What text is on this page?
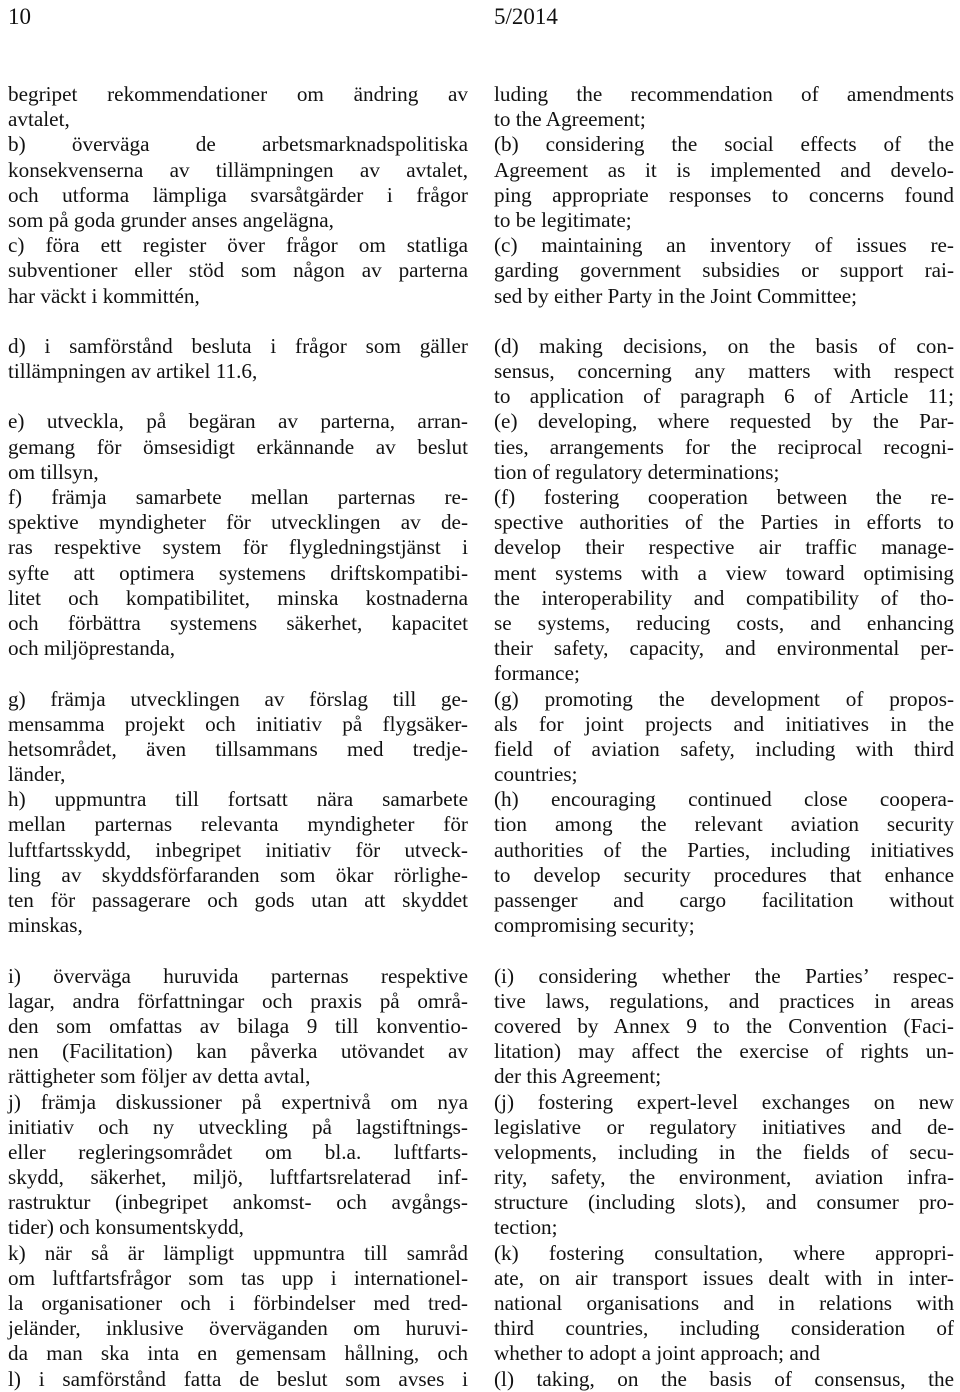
10	5/2014
begripet rekommendationer om ändring av
avtalet,
b) överväga de arbetsmarknadspolitiska
konsekvenserna av tillämpningen av avtalet,
och utforma lämpliga svarsåtgärder i frågor
som på goda grunder anses angelägna,
c) föra ett register över frågor om statliga
subventioner eller stöd som någon av parterna
har väckt i kommittén,
d) i samförstånd besluta i frågor som gäller
tillämpningen av artikel 11.6,
e) utveckla, på begäran av parterna, arran-
gemang för ömsesidigt erkännande av beslut
om tillsyn,
f) främja samarbete mellan parternas re-
spektive myndigheter för utvecklingen av de-
ras respektive system för flygledningstjänst i
syfte att optimera systemens driftskompatibi-
litet och kompatibilitet, minska kostnaderna
och förbättra systemens säkerhet, kapacitet
och miljöprestanda,
g) främja utvecklingen av förslag till ge-
mensamma projekt och initiativ på flygsäker-
hetsområdet, även tillsammans med tredje-
länder,
h) uppmuntra till fortsatt nära samarbete
mellan parternas relevanta myndigheter för
luftfartsskydd, inbegripet initiativ för utveck-
ling av skyddsförfaranden som ökar rörlighe-
ten för passagerare och gods utan att skyddet
minskas,
i) överväga huruvida parternas respektive
lagar, andra författningar och praxis på områ-
den som omfattas av bilaga 9 till konventio-
nen (Facilitation) kan påverka utövandet av
rättigheter som följer av detta avtal,
j) främja diskussioner på expertnivå om nya
initiativ och ny utveckling på lagstiftnings-
eller regleringsområdet om bl.a. luftfarts-
skydd, säkerhet, miljö, luftfartsrelaterad inf-
rastruktur (inbegripet ankomst- och avgångs-
tider) och konsumentskydd,
k) när så är lämpligt uppmuntra till samråd
om luftfartsfrågor som tas upp i internationel-
la organisationer och i förbindelser med tred-
jeländer, inklusive överväganden om huruvi-
da man ska inta en gemensam hållning, och
l) i samförstånd fatta de beslut som avses i
luding the recommendation of amendments
to the Agreement;
(b) considering the social effects of the
Agreement as it is implemented and develo-
ping appropriate responses to concerns found
to be legitimate;
(c) maintaining an inventory of issues re-
garding government subsidies or support rai-
sed by either Party in the Joint Committee;
(d) making decisions, on the basis of con-
sensus, concerning any matters with respect
to application of paragraph 6 of Article 11;
(e) developing, where requested by the Par-
ties, arrangements for the reciprocal recogni-
tion of regulatory determinations;
(f) fostering cooperation between the re-
spective authorities of the Parties in efforts to
develop their respective air traffic manage-
ment systems with a view toward optimising
the interoperability and compatibility of tho-
se systems, reducing costs, and enhancing
their safety, capacity, and environmental per-
formance;
(g) promoting the development of propos-
als for joint projects and initiatives in the
field of aviation safety, including with third
countries;
(h) encouraging continued close coopera-
tion among the relevant aviation security
authorities of the Parties, including initiatives
to develop security procedures that enhance
passenger and cargo facilitation without
compromising security;
(i) considering whether the Parties’ respec-
tive laws, regulations, and practices in areas
covered by Annex 9 to the Convention (Faci-
litation) may affect the exercise of rights un-
der this Agreement;
(j) fostering expert-level exchanges on new
legislative or regulatory initiatives and de-
velopments, including in the fields of secu-
rity, safety, the environment, aviation infra-
structure (including slots), and consumer pro-
tection;
(k) fostering consultation, where appropri-
ate, on air transport issues dealt with in inter-
national organisations and in relations with
third countries, including consideration of
whether to adopt a joint approach; and
(l) taking, on the basis of consensus, the
